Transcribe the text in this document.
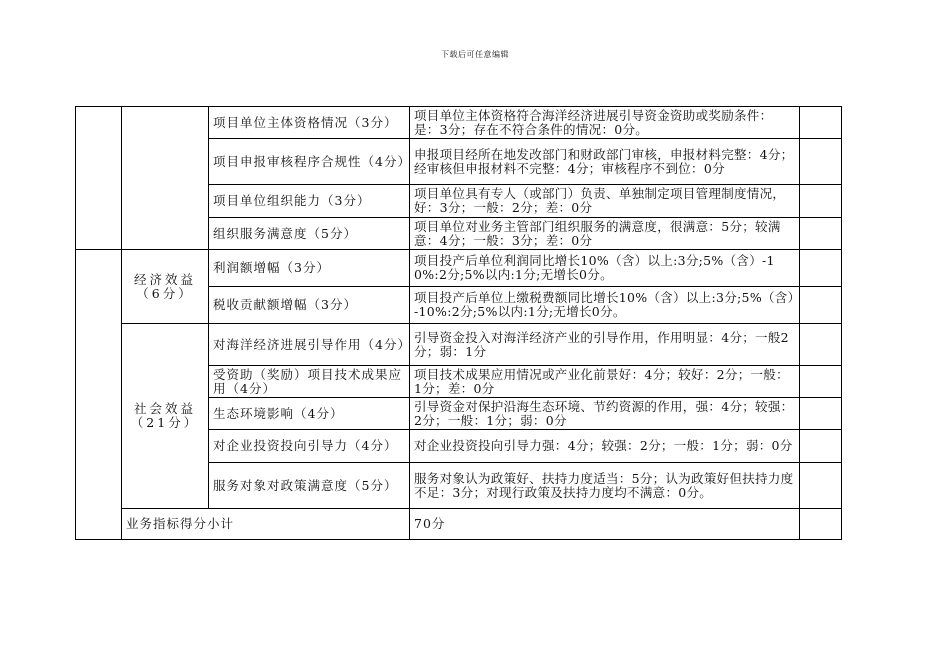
下载后可任意编辑
		项目单位主体资格情况（3分）	项目单位主体资格符合海洋经济进展引导资金资助或奖励条件：是：3分；存在不符合条件的情况：0分。		
		项目申报审核程序合规性（4分）	申报项目经所在地发改部门和财政部门审核，申报材料完整：4分；经审核但申报材料不完整：4分；审核程序不到位：0分		
		项目单位组织能力（3分）	项目单位具有专人（或部门）负责、单独制定项目管理制度情况，好：3分；一般：2分；差：0分		
		组织服务满意度（5分）	项目单位对业务主管部门组织服务的满意度，很满意：5分；较满意：4分；一般：3分；差：0分		
	经济效益（6分）	利润额增幅（3分）	项目投产后单位利润同比增长10%（含）以上:3分;5%（含）-10%:2分;5%以内:1分;无增长0分。		
		税收贡献额增幅（3分）	项目投产后单位上缴税费额同比增长10%（含）以上:3分;5%（含）-10%:2分;5%以内:1分;无增长0分。		
	社会效益（21分）	对海洋经济进展引导作用（4分）	引导资金投入对海洋经济产业的引导作用，作用明显：4分；一般2分；弱：1分		
		受资助（奖励）项目技术成果应用（4分）	项目技术成果应用情况或产业化前景好：4分；较好：2分；一般：1分；差：0分		
		生态环境影响（4分）	引导资金对保护沿海生态环境、节约资源的作用，强：4分；较强：2分；一般：1分；弱：0分		
		对企业投资投向引导力（4分）	对企业投资投向引导力强：4分；较强：2分；一般：1分；弱：0分		
		服务对象对政策满意度（5分）	服务对象认为政策好、扶持力度适当：5分；认为政策好但扶持力度不足：3分；对现行政策及扶持力度均不满意：0分。		
	业务指标得分小计		70分		
